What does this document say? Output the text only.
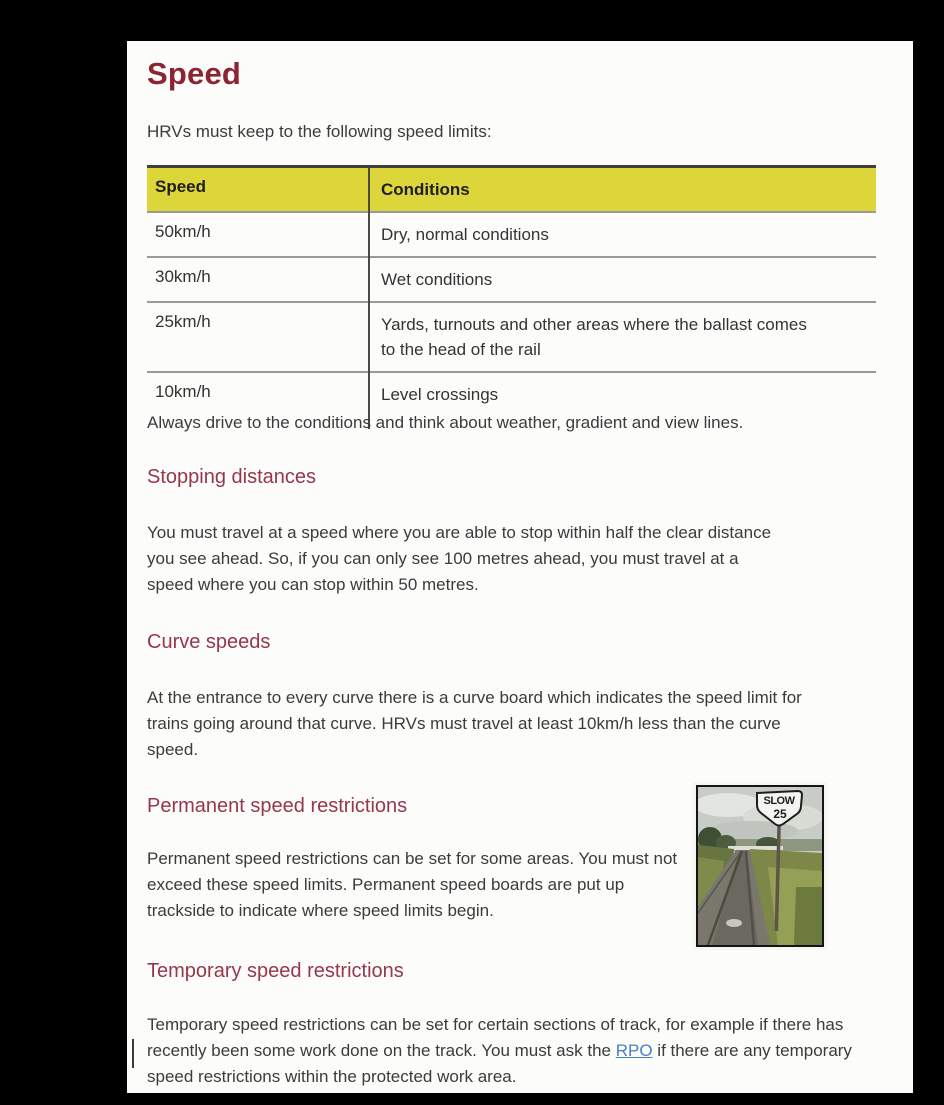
Speed
HRVs must keep to the following speed limits:
Speed	Conditions
50km/h	Dry, normal conditions
30km/h	Wet conditions
25km/h	Yards, turnouts and other areas where the ballast comes to the head of the rail
10km/h	Level crossings
Always drive to the conditions and think about weather, gradient and view lines.
Stopping distances
You must travel at a speed where you are able to stop within half the clear distance you see ahead. So, if you can only see 100 metres ahead, you must travel at a speed where you can stop within 50 metres.
Curve speeds
At the entrance to every curve there is a curve board which indicates the speed limit for trains going around that curve. HRVs must travel at least 10km/h less than the curve speed.
Permanent speed restrictions
Permanent speed restrictions can be set for some areas. You must not exceed these speed limits. Permanent speed boards are put up trackside to indicate where speed limits begin.
SLOW
25
Temporary speed restrictions
Temporary speed restrictions can be set for certain sections of track, for example if there has recently been some work done on the track. You must ask the RPO if there are any temporary speed restrictions within the protected work area.
